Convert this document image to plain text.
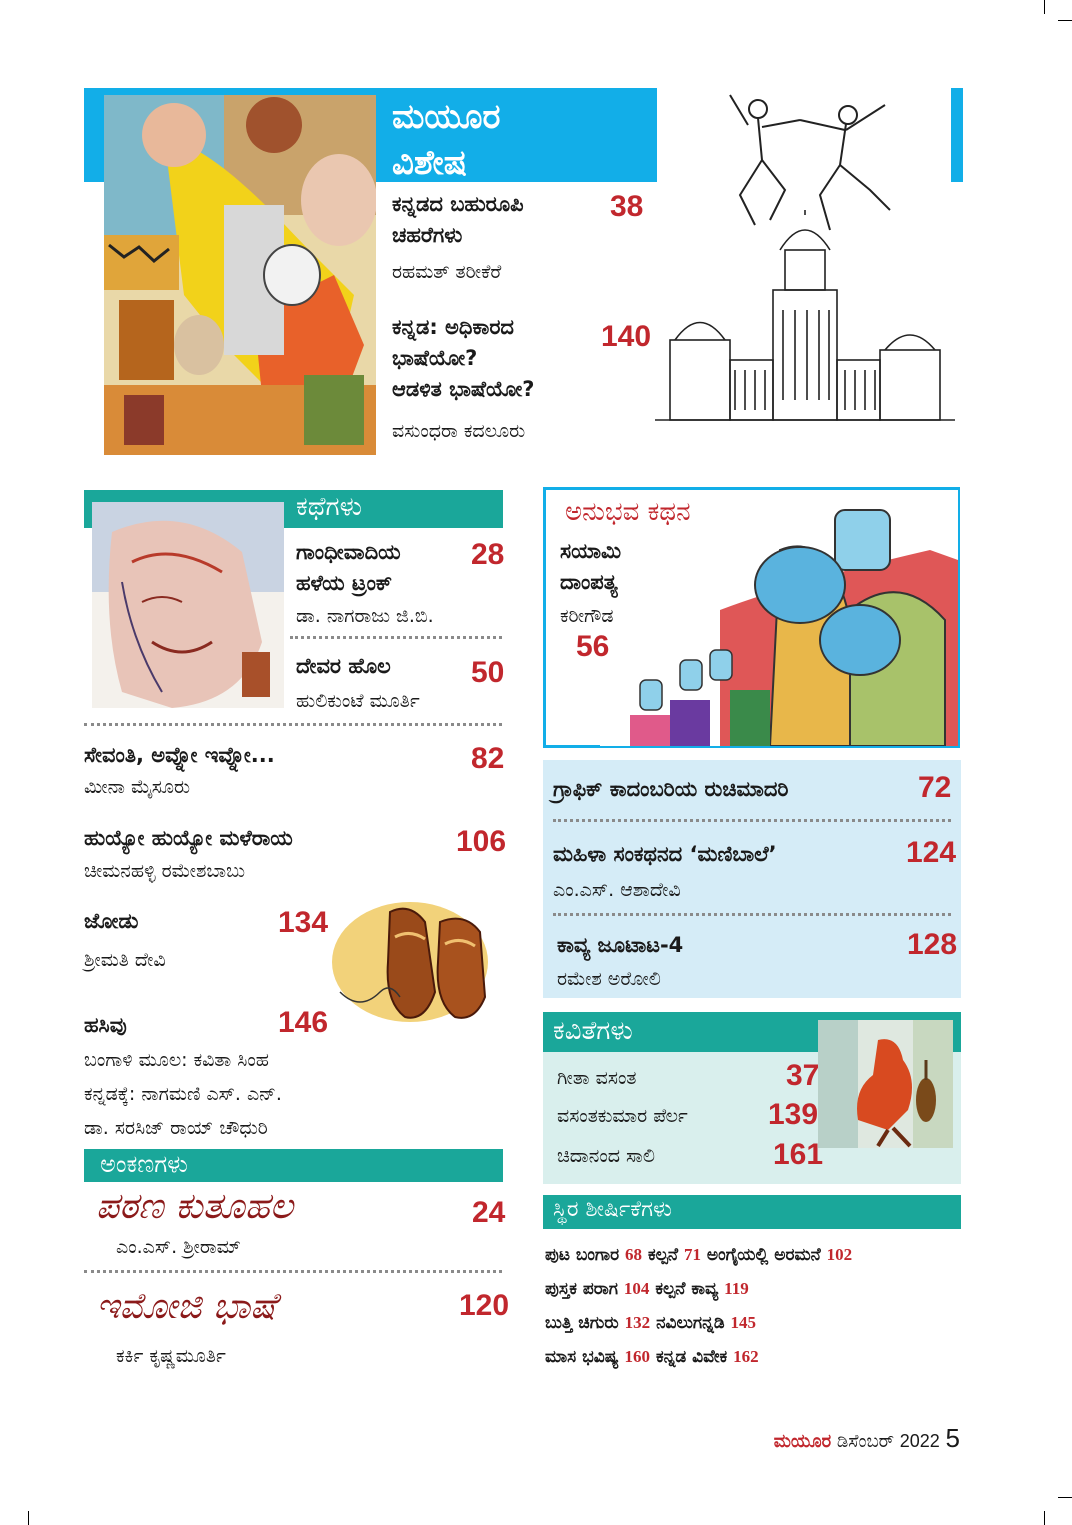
ಮಯೂರ
ವಿಶೇಷ
ಕನ್ನಡದ ಬಹುರೂಪಿ
ಚಹರೆಗಳು
38
ರಹಮತ್ ತರೀಕೆರೆ
ಕನ್ನಡ: ಅಧಿಕಾರದ
ಭಾಷೆಯೋ?
ಆಡಳಿತ ಭಾಷೆಯೋ?
140
ವಸುಂಧರಾ ಕದಲೂರು
ಕಥೆಗಳು
ಗಾಂಧೀವಾದಿಯ
ಹಳೆಯ ಟ್ರಂಕ್
28
ಡಾ. ನಾಗರಾಜು ಜಿ.ಬಿ.
ದೇವರ ಹೊಲ	50
ಹುಲಿಕುಂಟೆ ಮೂರ್ತಿ
ಸೇವಂತಿ, ಅವ್ನೋ ಇವ್ನೋ...	82
ಮೀನಾ ಮೈಸೂರು
ಹುಯ್ಯೋ ಹುಯ್ಯೋ ಮಳೆರಾಯ	106
ಚೀಮನಹಳ್ಳಿ ರಮೇಶಬಾಬು
ಜೋಡು	134
ಶ್ರೀಮತಿ ದೇವಿ
ಹಸಿವು	146
ಬಂಗಾಳಿ ಮೂಲ: ಕವಿತಾ ಸಿಂಹ
ಕನ್ನಡಕ್ಕೆ: ನಾಗಮಣಿ ಎಸ್. ಎನ್.
ಡಾ. ಸರಸಿಜ್ ರಾಯ್ ಚೌಧುರಿ
ಅಂಕಣಗಳು
ಪಠಣ ಕುತೂಹಲ	24
ಎಂ.ಎಸ್. ಶ್ರೀರಾಮ್
ಇಮೋಜಿ ಭಾಷೆ	120
ಕರ್ಕಿ ಕೃಷ್ಣಮೂರ್ತಿ
ಅನುಭವ ಕಥನ
ಸಯಾಮಿ
ದಾಂಪತ್ಯ
ಕರೀಗೌಡ
56
ಗ್ರಾಫಿಕ್ ಕಾದಂಬರಿಯ ರುಚಿಮಾದರಿ	72
ಮಹಿಳಾ ಸಂಕಥನದ ‘ಮಣಿಬಾಲೆ’	124
ಎಂ.ಎಸ್. ಆಶಾದೇವಿ
ಕಾವ್ಯ ಜೂಟಾಟ-4	128
ರಮೇಶ ಅರೋಲಿ
ಕವಿತೆಗಳು
ಗೀತಾ ವಸಂತ	37
ವಸಂತಕುಮಾರ ಪೆರ್ಲ	139
ಚಿದಾನಂದ ಸಾಲಿ	161
ಸ್ಥಿರ ಶೀರ್ಷಿಕೆಗಳು
ಪುಟ ಬಂಗಾರ 68 ಕಲ್ಪನೆ 71 ಅಂಗೈಯಲ್ಲಿ ಅರಮನೆ 102
ಪುಸ್ತಕ ಪರಾಗ 104 ಕಲ್ಪನೆ ಕಾವ್ಯ 119
ಬುತ್ತಿ ಚಿಗುರು 132 ನವಿಲುಗನ್ನಡಿ 145
ಮಾಸ ಭವಿಷ್ಯ 160 ಕನ್ನಡ ವಿವೇಕ 162
ಮಯೂರ ಡಿಸೆಂಬರ್ 2022 5
